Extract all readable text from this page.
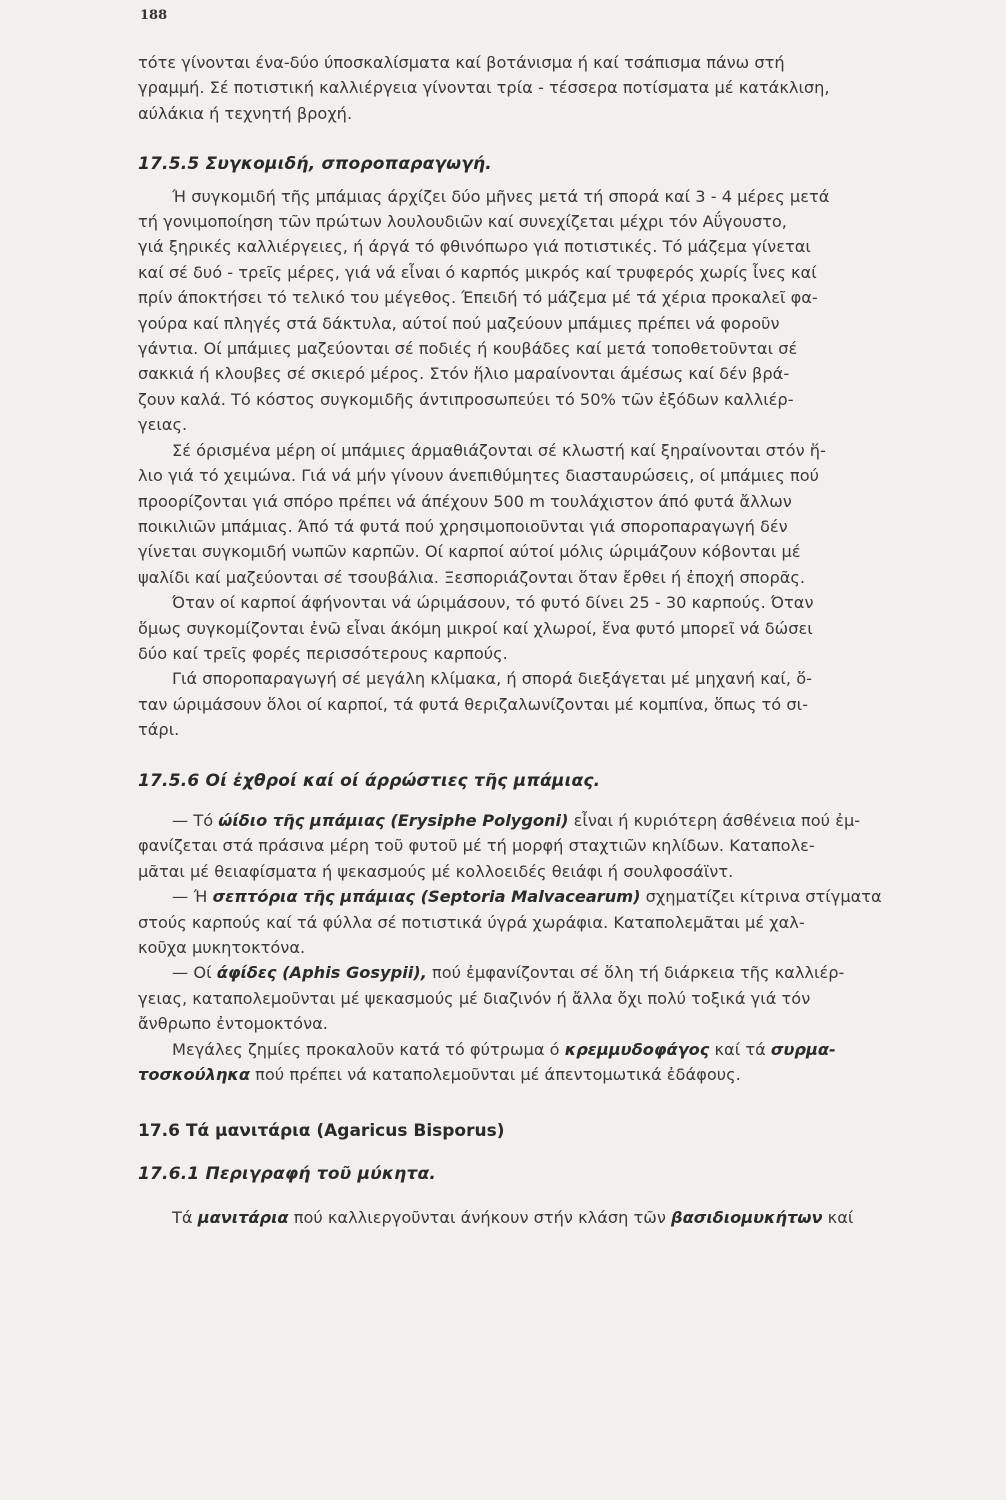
188
τότε γίνονται ένα-δύο ύποσκαλίσματα καί βοτάνισμα ή καί τσάπισμα πάνω στή
γραμμή. Σέ ποτιστική καλλιέργεια γίνονται τρία - τέσσερα ποτίσματα μέ κατάκλιση,
αύλάκια ή τεχνητή βροχή.
17.5.5 Συγκομιδή, σποροπαραγωγή.
Ή συγκομιδή τῆς μπάμιας άρχίζει δύο μῆνες μετά τή σπορά καί 3 - 4 μέρες μετά
τή γονιμοποίηση τῶν πρώτων λουλουδιῶν καί συνεχίζεται μέχρι τόν Αΰγουστο,
γιά ξηρικές καλλιέργειες, ή άργά τό φθινόπωρο γιά ποτιστικές. Τό μάζεμα γίνεται
καί σέ δυό - τρεῖς μέρες, γιά νά εἶναι ό καρπός μικρός καί τρυφερός χωρίς ἶνες καί
πρίν άποκτήσει τό τελικό του μέγεθος. Έπειδή τό μάζεμα μέ τά χέρια προκαλεῖ φα-
γούρα καί πληγές στά δάκτυλα, αύτοί πού μαζεύουν μπάμιες πρέπει νά φοροῦν
γάντια. Οί μπάμιες μαζεύονται σέ ποδιές ή κουβάδες καί μετά τοποθετοῦνται σέ
σακκιά ή κλουβες σέ σκιερό μέρος. Στόν ἥλιο μαραίνονται άμέσως καί δέν βρά-
ζουν καλά. Τό κόστος συγκομιδῆς άντιπροσωπεύει τό 50% τῶν ἐξόδων καλλιέρ-
γειας.
Σέ όρισμένα μέρη οί μπάμιες άρμαθιάζονται σέ κλωστή καί ξηραίνονται στόν ἥ-
λιο γιά τό χειμώνα. Γιά νά μήν γίνουν άνεπιθύμητες διασταυρώσεις, οί μπάμιες πού
προορίζονται γιά σπόρο πρέπει νά άπέχουν 500 m τουλάχιστον άπό φυτά ἄλλων
ποικιλιῶν μπάμιας. Άπό τά φυτά πού χρησιμοποιοῦνται γιά σποροπαραγωγή δέν
γίνεται συγκομιδή νωπῶν καρπῶν. Οί καρποί αύτοί μόλις ώριμάζουν κόβονται μέ
ψαλίδι καί μαζεύονται σέ τσουβάλια. Ξεσποριάζονται ὅταν ἔρθει ή ἐποχή σπορᾶς.
Όταν οί καρποί άφήνονται νά ώριμάσουν, τό φυτό δίνει 25 - 30 καρπούς. Όταν
ὅμως συγκομίζονται ἐνῶ εἶναι άκόμη μικροί καί χλωροί, ἕνα φυτό μπορεῖ νά δώσει
δύο καί τρεῖς φορές περισσότερους καρπούς.
Γιά σποροπαραγωγή σέ μεγάλη κλίμακα, ή σπορά διεξάγεται μέ μηχανή καί, ὅ-
ταν ώριμάσουν ὅλοι οί καρποί, τά φυτά θεριζαλωνίζονται μέ κομπίνα, ὅπως τό σι-
τάρι.
17.5.6 Οί ἐχθροί καί οί άρρώστιες τῆς μπάμιας.
— Τό ώίδιο τῆς μπάμιας (Erysiphe Polygoni) εἶναι ή κυριότερη άσθένεια πού ἐμ-
φανίζεται στά πράσινα μέρη τοῦ φυτοῦ μέ τή μορφή σταχτιῶν κηλίδων. Καταπολε-
μᾶται μέ θειαφίσματα ή ψεκασμούς μέ κολλοειδές θειάφι ή σουλφοσάϊντ.
— Ή σεπτόρια τῆς μπάμιας (Septoria Malvacearum) σχηματίζει κίτρινα στίγματα
στούς καρπούς καί τά φύλλα σέ ποτιστικά ύγρά χωράφια. Καταπολεμᾶται μέ χαλ-
κοῦχα μυκητοκτόνα.
— Οί άφίδες (Aphis Gosypii), πού ἐμφανίζονται σέ ὅλη τή διάρκεια τῆς καλλιέρ-
γειας, καταπολεμοῦνται μέ ψεκασμούς μέ διαζινόν ή ἄλλα ὄχι πολύ τοξικά γιά τόν
ἄνθρωπο ἐντομοκτόνα.
Μεγάλες ζημίες προκαλοῦν κατά τό φύτρωμα ό κρεμμυδοφάγος καί τά συρμα-
τοσκούληκα πού πρέπει νά καταπολεμοῦνται μέ άπεντομωτικά ἐδάφους.
17.6 Τά μανιτάρια (Agaricus Bisporus)
17.6.1 Περιγραφή τοῦ μύκητα.
Τά μανιτάρια πού καλλιεργοῦνται άνήκουν στήν κλάση τῶν βασιδιομυκήτων καί
